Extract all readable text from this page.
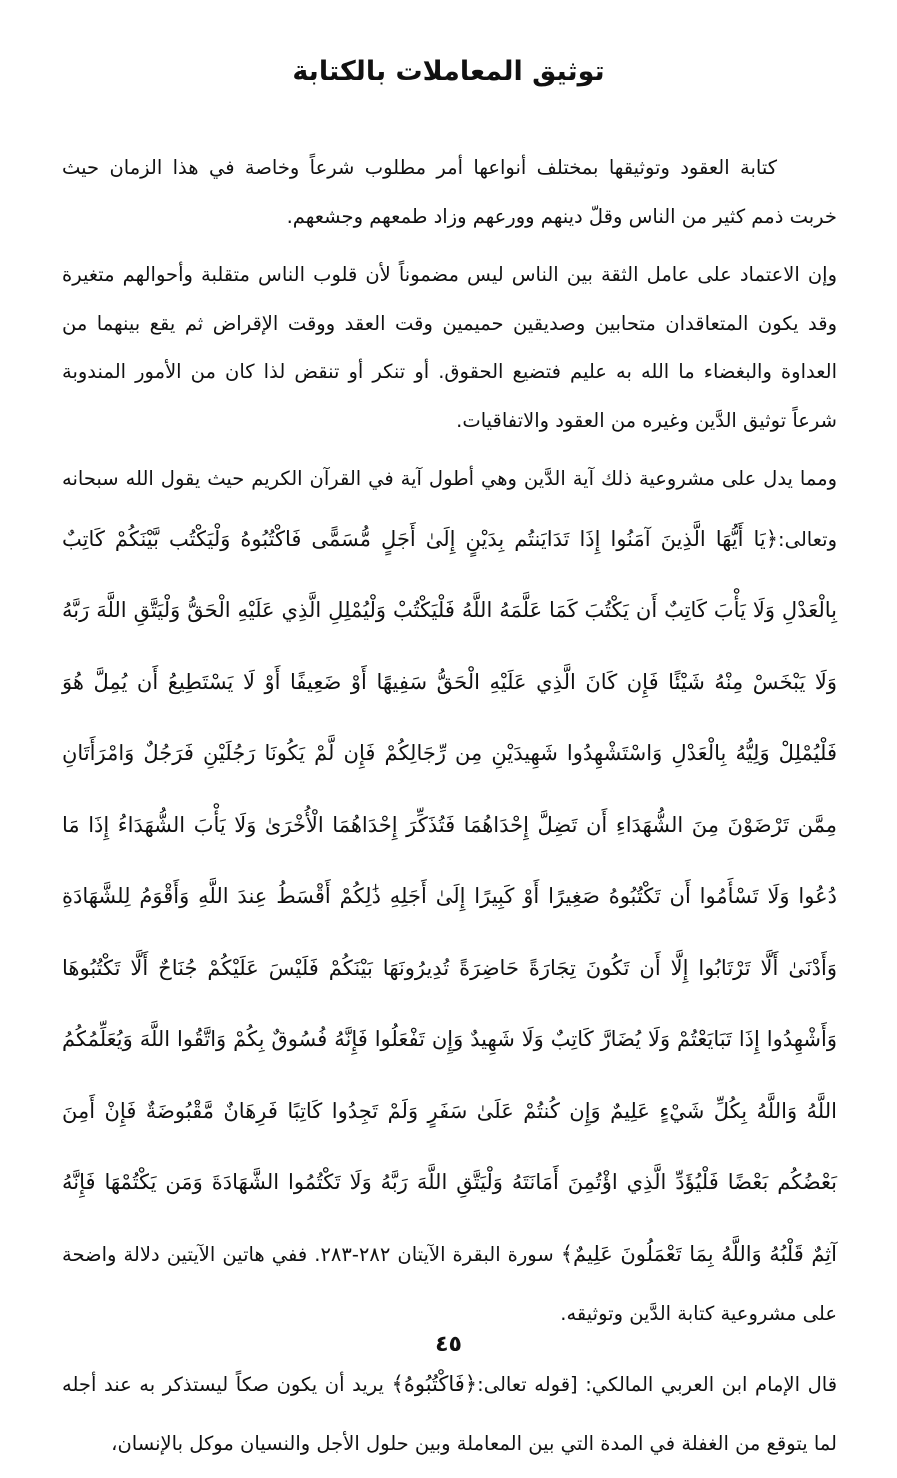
توثيق المعاملات بالكتابة

كتابة العقود وتوثيقها بمختلف أنواعها أمر مطلوب شرعاً وخاصة في هذا الزمان حيث خربت ذمم كثير من الناس وقلّ دينهم وورعهم وزاد طمعهم وجشعهم.

وإن الاعتماد على عامل الثقة بين الناس ليس مضموناً لأن قلوب الناس متقلبة وأحوالهم متغيرة وقد يكون المتعاقدان متحابين وصديقين حميمين وقت العقد ووقت الإقراض ثم يقع بينهما من العداوة والبغضاء ما الله به عليم فتضيع الحقوق. أو تنكر أو تنقض لذا كان من الأمور المندوبة شرعاً توثيق الدَّين وغيره من العقود والاتفاقيات.

ومما يدل على مشروعية ذلك آية الدَّين وهي أطول آية في القرآن الكريم حيث يقول الله سبحانه وتعالى:﴿يَا أَيُّهَا الَّذِينَ آمَنُوا إِذَا تَدَايَنتُم بِدَيْنٍ إِلَىٰ أَجَلٍ مُّسَمًّى فَاكْتُبُوهُ وَلْيَكْتُب بَّيْنَكُمْ كَاتِبٌ بِالْعَدْلِ وَلَا يَأْبَ كَاتِبٌ أَن يَكْتُبَ كَمَا عَلَّمَهُ اللَّهُ فَلْيَكْتُبْ وَلْيُمْلِلِ الَّذِي عَلَيْهِ الْحَقُّ وَلْيَتَّقِ اللَّهَ رَبَّهُ وَلَا يَبْخَسْ مِنْهُ شَيْئًا فَإِن كَانَ الَّذِي عَلَيْهِ الْحَقُّ سَفِيهًا أَوْ ضَعِيفًا أَوْ لَا يَسْتَطِيعُ أَن يُمِلَّ هُوَ فَلْيُمْلِلْ وَلِيُّهُ بِالْعَدْلِ وَاسْتَشْهِدُوا شَهِيدَيْنِ مِن رِّجَالِكُمْ فَإِن لَّمْ يَكُونَا رَجُلَيْنِ فَرَجُلٌ وَامْرَأَتَانِ مِمَّن تَرْضَوْنَ مِنَ الشُّهَدَاءِ أَن تَضِلَّ إِحْدَاهُمَا فَتُذَكِّرَ إِحْدَاهُمَا الْأُخْرَىٰ وَلَا يَأْبَ الشُّهَدَاءُ إِذَا مَا دُعُوا وَلَا تَسْأَمُوا أَن تَكْتُبُوهُ صَغِيرًا أَوْ كَبِيرًا إِلَىٰ أَجَلِهِ ذَٰلِكُمْ أَقْسَطُ عِندَ اللَّهِ وَأَقْوَمُ لِلشَّهَادَةِ وَأَدْنَىٰ أَلَّا تَرْتَابُوا إِلَّا أَن تَكُونَ تِجَارَةً حَاضِرَةً تُدِيرُونَهَا بَيْنَكُمْ فَلَيْسَ عَلَيْكُمْ جُنَاحٌ أَلَّا تَكْتُبُوهَا وَأَشْهِدُوا إِذَا تَبَايَعْتُمْ وَلَا يُضَارَّ كَاتِبٌ وَلَا شَهِيدٌ وَإِن تَفْعَلُوا فَإِنَّهُ فُسُوقٌ بِكُمْ وَاتَّقُوا اللَّهَ وَيُعَلِّمُكُمُ اللَّهُ وَاللَّهُ بِكُلِّ شَيْءٍ عَلِيمٌ وَإِن كُنتُمْ عَلَىٰ سَفَرٍ وَلَمْ تَجِدُوا كَاتِبًا فَرِهَانٌ مَّقْبُوضَةٌ فَإِنْ أَمِنَ بَعْضُكُم بَعْضًا فَلْيُؤَدِّ الَّذِي اؤْتُمِنَ أَمَانَتَهُ وَلْيَتَّقِ اللَّهَ رَبَّهُ وَلَا تَكْتُمُوا الشَّهَادَةَ وَمَن يَكْتُمْهَا فَإِنَّهُ آثِمٌ قَلْبُهُ وَاللَّهُ بِمَا تَعْمَلُونَ عَلِيمٌ﴾ سورة البقرة الآيتان ٢٨٢-٢٨٣. ففي هاتين الآيتين دلالة واضحة على مشروعية كتابة الدَّين وتوثيقه.

قال الإمام ابن العربي المالكي: [قوله تعالى:﴿فَاكْتُبُوهُ﴾ يريد أن يكون صكاً ليستذكر به عند أجله لما يتوقع من الغفلة في المدة التي بين المعاملة وبين حلول الأجل والنسيان موكل بالإنسان،

٤٥
